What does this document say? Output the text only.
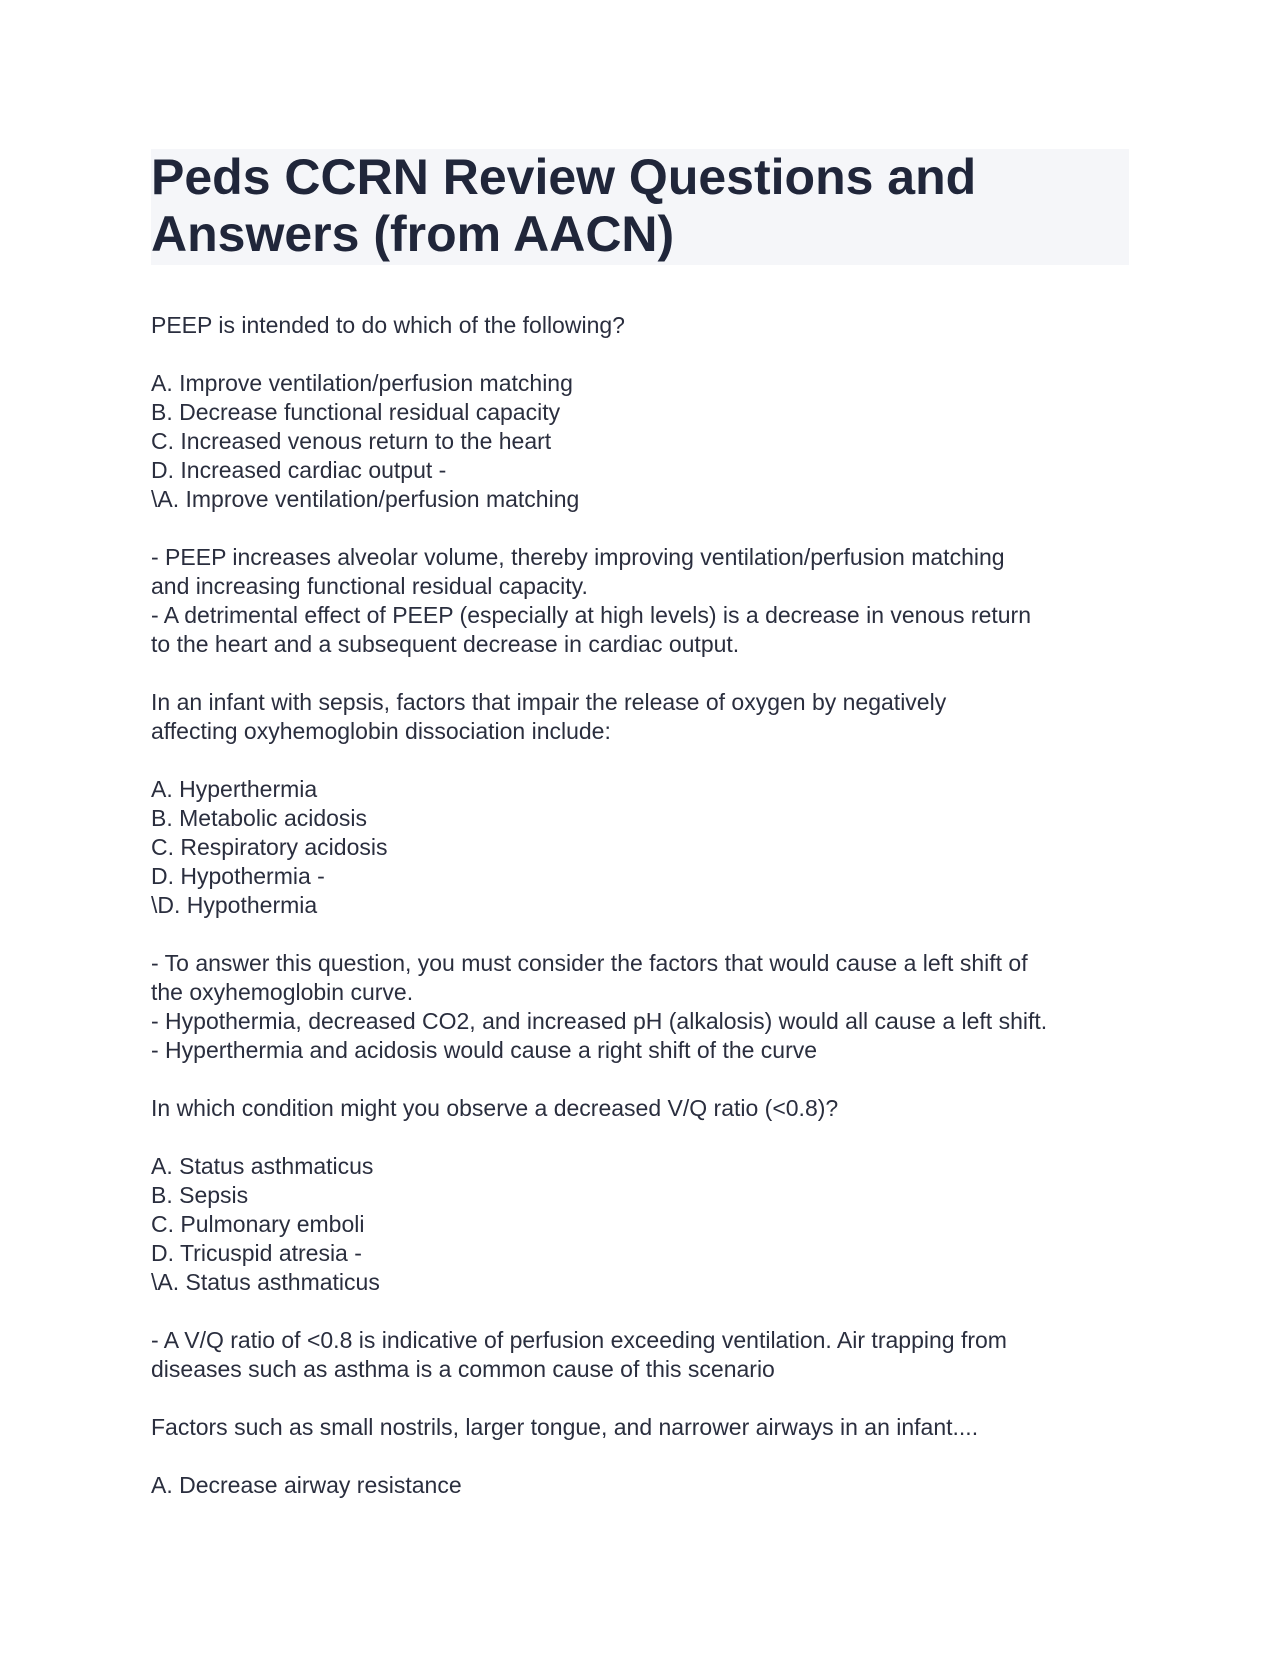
Peds CCRN Review Questions and
Answers (from AACN)
PEEP is intended to do which of the following?
A. Improve ventilation/perfusion matching
B. Decrease functional residual capacity
C. Increased venous return to the heart
D. Increased cardiac output -
\A. Improve ventilation/perfusion matching
- PEEP increases alveolar volume, thereby improving ventilation/perfusion matching
and increasing functional residual capacity.
- A detrimental effect of PEEP (especially at high levels) is a decrease in venous return
to the heart and a subsequent decrease in cardiac output.
In an infant with sepsis, factors that impair the release of oxygen by negatively
affecting oxyhemoglobin dissociation include:
A. Hyperthermia
B. Metabolic acidosis
C. Respiratory acidosis
D. Hypothermia -
\D. Hypothermia
- To answer this question, you must consider the factors that would cause a left shift of
the oxyhemoglobin curve.
- Hypothermia, decreased CO2, and increased pH (alkalosis) would all cause a left shift.
- Hyperthermia and acidosis would cause a right shift of the curve
In which condition might you observe a decreased V/Q ratio (<0.8)?
A. Status asthmaticus
B. Sepsis
C. Pulmonary emboli
D. Tricuspid atresia -
\A. Status asthmaticus
- A V/Q ratio of <0.8 is indicative of perfusion exceeding ventilation. Air trapping from
diseases such as asthma is a common cause of this scenario
Factors such as small nostrils, larger tongue, and narrower airways in an infant....
A. Decrease airway resistance
